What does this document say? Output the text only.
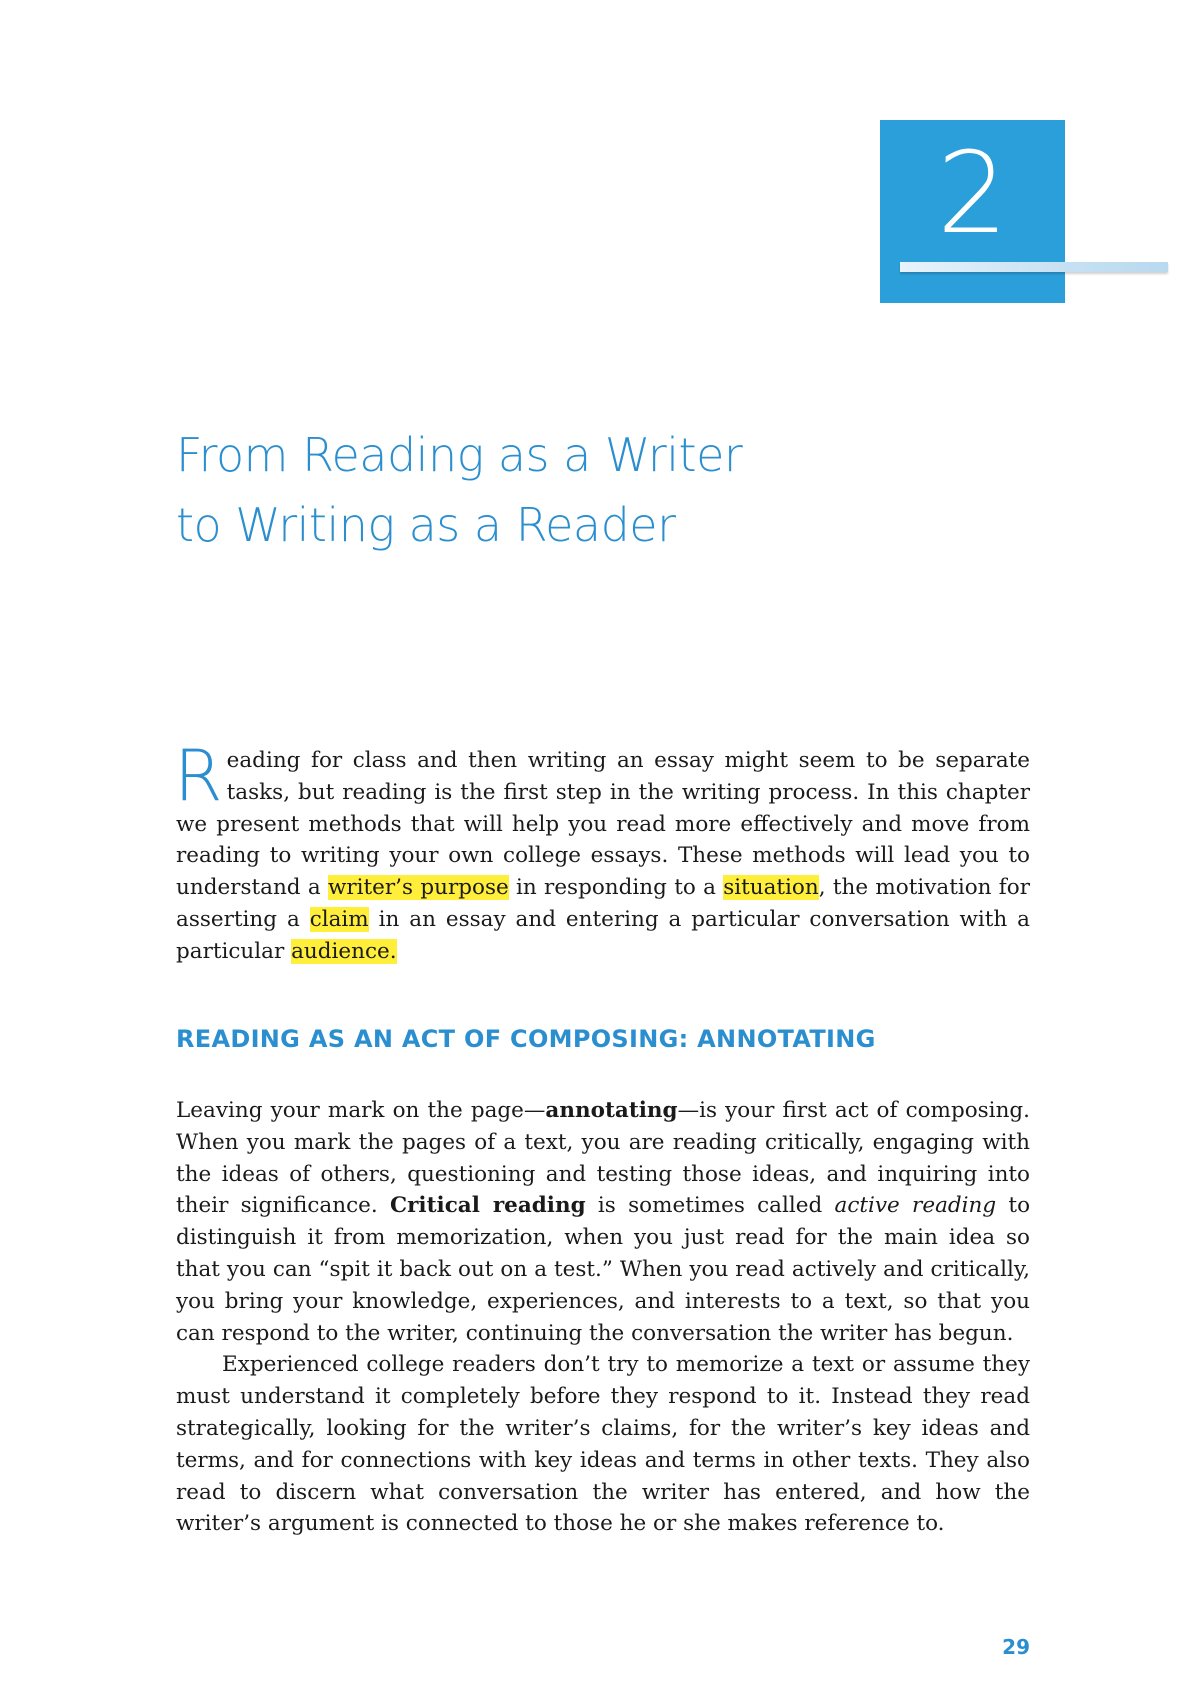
2
From Reading as a Writer
to Writing as a Reader

Reading for class and then writing an essay might seem to be separate tasks, but reading is the first step in the writing process. In this chapter we present methods that will help you read more effectively and move from reading to writing your own college essays. These methods will lead you to understand a writer’s purpose in responding to a situation, the motivation for asserting a claim in an essay and entering a particular conversation with a particular audience.

READING AS AN ACT OF COMPOSING: ANNOTATING

Leaving your mark on the page—annotating—is your first act of composing. When you mark the pages of a text, you are reading critically, engaging with the ideas of others, questioning and testing those ideas, and inquiring into their significance. Critical reading is sometimes called active reading to distinguish it from memorization, when you just read for the main idea so that you can “spit it back out on a test.” When you read actively and critically, you bring your knowledge, experiences, and interests to a text, so that you can respond to the writer, continuing the conversation the writer has begun.

Experienced college readers don’t try to memorize a text or assume they must understand it completely before they respond to it. Instead they read strategically, looking for the writer’s claims, for the writer’s key ideas and terms, and for connections with key ideas and terms in other texts. They also read to discern what conversation the writer has entered, and how the writer’s argument is connected to those he or she makes reference to.

29
